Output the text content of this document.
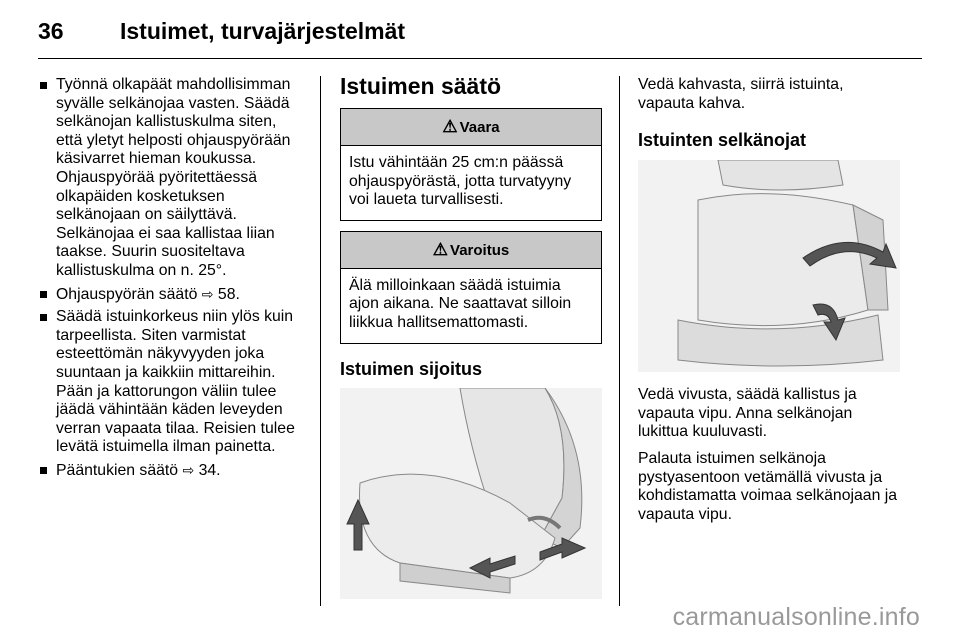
36	Istuimet, turvajärjestelmät
Työnnä olkapäät mahdollisimman syvälle selkänojaa vasten. Säädä selkänojan kallistuskulma siten, että yletyt helposti ohjauspyörään käsivarret hieman koukussa. Ohjauspyörää pyöritettäessä olkapäiden kosketuksen selkänojaan on säilyttävä. Selkänojaa ei saa kallistaa liian taakse. Suurin suositeltava kallistuskulma on n. 25°.
Ohjauspyörän säätö ⇨ 58.
Säädä istuinkorkeus niin ylös kuin tarpeellista. Siten varmistat esteettömän näkyvyyden joka suuntaan ja kaikkiin mittareihin. Pään ja kattorungon väliin tulee jäädä vähintään käden leveyden verran vapaata tilaa. Reisien tulee levätä istuimella ilman painetta.
Pääntukien säätö ⇨ 34.
Istuimen säätö
⚠ Vaara
Istu vähintään 25 cm:n päässä ohjauspyörästä, jotta turvatyyny voi laueta turvallisesti.
⚠ Varoitus
Älä milloinkaan säädä istuimia ajon aikana. Ne saattavat silloin liikkua hallitsemattomasti.
Istuimen sijoitus

Vedä kahvasta, siirrä istuinta, vapauta kahva.

Istuinten selkänojat

Vedä vivusta, säädä kallistus ja vapauta vipu. Anna selkänojan lukittua kuuluvasti.

Palauta istuimen selkänoja pystyasentoon vetämällä vivusta ja kohdistamatta voimaa selkänojaan ja vapauta vipu.

carmanualsonline.info
